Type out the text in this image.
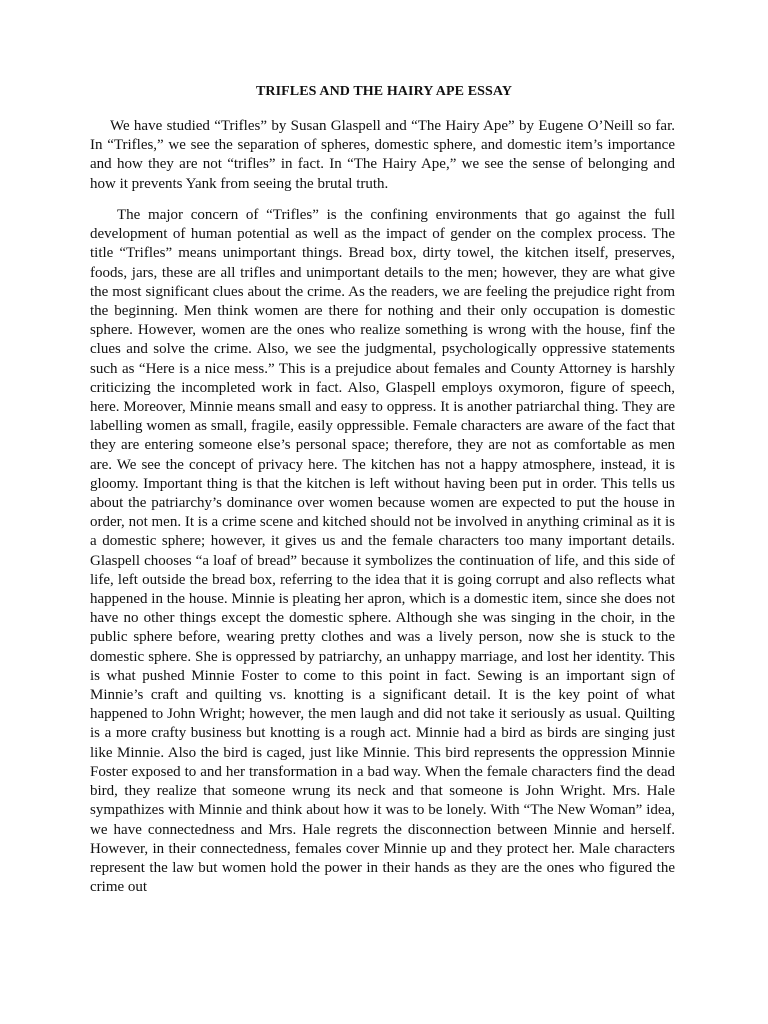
TRIFLES AND THE HAIRY APE ESSAY

We have studied “Trifles” by Susan Glaspell and “The Hairy Ape” by Eugene O’Neill so far. In “Trifles,” we see the separation of spheres, domestic sphere, and domestic item’s importance and how they are not “trifles” in fact. In “The Hairy Ape,” we see the sense of belonging and how it prevents Yank from seeing the brutal truth.

The major concern of “Trifles” is the confining environments that go against the full development of human potential as well as the impact of gender on the complex process. The title “Trifles” means unimportant things. Bread box, dirty towel, the kitchen itself, preserves, foods, jars, these are all trifles and unimportant details to the men; however, they are what give the most significant clues about the crime. As the readers, we are feeling the prejudice right from the beginning. Men think women are there for nothing and their only occupation is domestic sphere. However, women are the ones who realize something is wrong with the house, finf the clues and solve the crime. Also, we see the judgmental, psychologically oppressive statements such as “Here is a nice mess.” This is a prejudice about females and County Attorney is harshly criticizing the incompleted work in fact. Also, Glaspell employs oxymoron, figure of speech, here. Moreover, Minnie means small and easy to oppress. It is another patriarchal thing. They are labelling women as small, fragile, easily oppressible. Female characters are aware of the fact that they are entering someone else’s personal space; therefore, they are not as comfortable as men are. We see the concept of privacy here. The kitchen has not a happy atmosphere, instead, it is gloomy. Important thing is that the kitchen is left without having been put in order. This tells us about the patriarchy’s dominance over women because women are expected to put the house in order, not men. It is a crime scene and kitched should not be involved in anything criminal as it is a domestic sphere; however, it gives us and the female characters too many important details. Glaspell chooses “a loaf of bread” because it symbolizes the continuation of life, and this side of life, left outside the bread box, referring to the idea that it is going corrupt and also reflects what happened in the house. Minnie is pleating her apron, which is a domestic item, since she does not have no other things except the domestic sphere. Although she was singing in the choir, in the public sphere before, wearing pretty clothes and was a lively person, now she is stuck to the domestic sphere. She is oppressed by patriarchy, an unhappy marriage, and lost her identity. This is what pushed Minnie Foster to come to this point in fact. Sewing is an important sign of Minnie’s craft and quilting vs. knotting is a significant detail. It is the key point of what happened to John Wright; however, the men laugh and did not take it seriously as usual. Quilting is a more crafty business but knotting is a rough act. Minnie had a bird as birds are singing just like Minnie. Also the bird is caged, just like Minnie. This bird represents the oppression Minnie Foster exposed to and her transformation in a bad way. When the female characters find the dead bird, they realize that someone wrung its neck and that someone is John Wright. Mrs. Hale sympathizes with Minnie and think about how it was to be lonely. With “The New Woman” idea, we have connectedness and Mrs. Hale regrets the disconnection between Minnie and herself. However, in their connectedness, females cover Minnie up and they protect her. Male characters represent the law but women hold the power in their hands as they are the ones who figured the crime out
